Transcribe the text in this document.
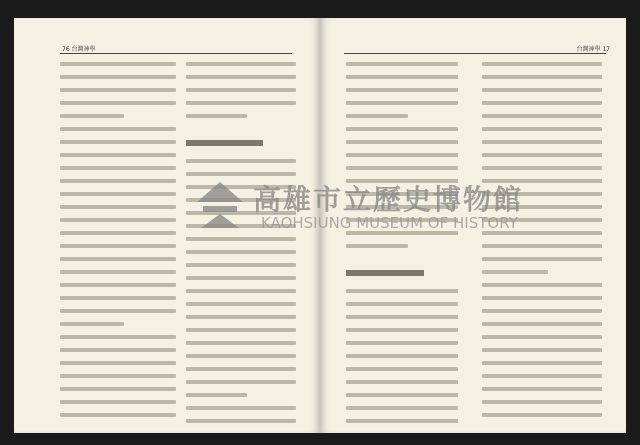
76 台灣神學	台灣神學 17
高雄市立歷史博物館
KAOHSIUNG MUSEUM OF HISTORY
